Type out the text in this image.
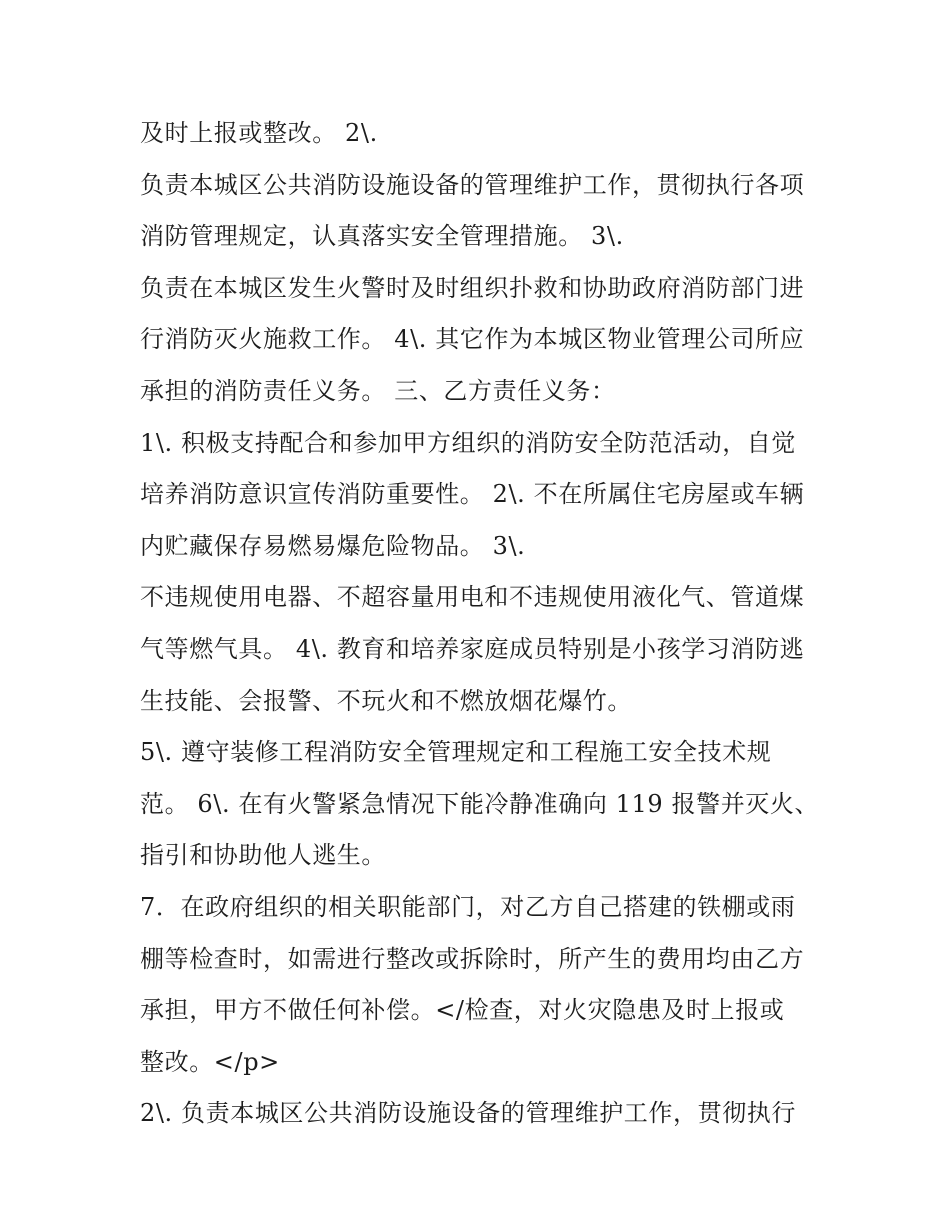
及时上报或整改。 2\.
负责本城区公共消防设施设备的管理维护工作，贯彻执行各项
消防管理规定，认真落实安全管理措施。 3\.
负责在本城区发生火警时及时组织扑救和协助政府消防部门进
行消防灭火施救工作。 4\. 其它作为本城区物业管理公司所应
承担的消防责任义务。 三、乙方责任义务：
1\. 积极支持配合和参加甲方组织的消防安全防范活动，自觉
培养消防意识宣传消防重要性。 2\. 不在所属住宅房屋或车辆
内贮藏保存易燃易爆危险物品。 3\.
不违规使用电器、不超容量用电和不违规使用液化气、管道煤
气等燃气具。 4\. 教育和培养家庭成员特别是小孩学习消防逃
生技能、会报警、不玩火和不燃放烟花爆竹。
5\. 遵守装修工程消防安全管理规定和工程施工安全技术规
范。 6\. 在有火警紧急情况下能冷静准确向 119 报警并灭火、
指引和协助他人逃生。
7．在政府组织的相关职能部门，对乙方自己搭建的铁棚或雨
棚等检查时，如需进行整改或拆除时，所产生的费用均由乙方
承担，甲方不做任何补偿。</检查，对火灾隐患及时上报或
整改。</p>
2\. 负责本城区公共消防设施设备的管理维护工作，贯彻执行
